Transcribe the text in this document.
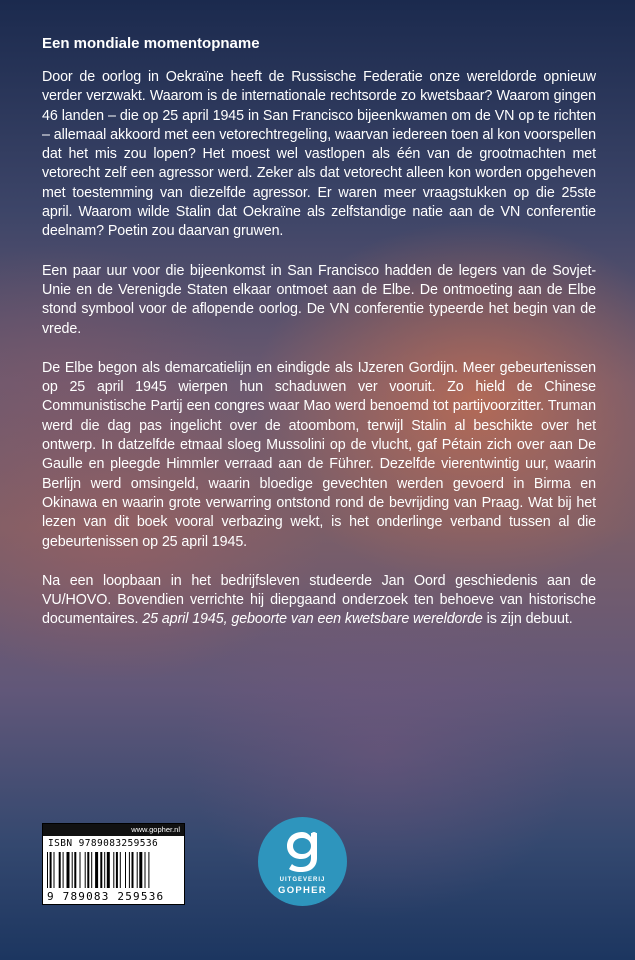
Een mondiale momentopname

Door de oorlog in Oekraïne heeft de Russische Federatie onze wereldorde opnieuw verder verzwakt. Waarom is de internationale rechtsorde zo kwetsbaar? Waarom gingen 46 landen – die op 25 april 1945 in San Francisco bijeenkwamen om de VN op te richten – allemaal akkoord met een vetorechtregeling, waarvan iedereen toen al kon voorspellen dat het mis zou lopen? Het moest wel vastlopen als één van de grootmachten met vetorecht zelf een agressor werd. Zeker als dat vetorecht alleen kon worden opgeheven met toestemming van diezelfde agressor. Er waren meer vraagstukken op die 25ste april. Waarom wilde Stalin dat Oekraïne als zelfstandige natie aan de VN conferentie deelnam? Poetin zou daarvan gruwen.

Een paar uur voor die bijeenkomst in San Francisco hadden de legers van de Sovjet-Unie en de Verenigde Staten elkaar ontmoet aan de Elbe. De ontmoeting aan de Elbe stond symbool voor de aflopende oorlog. De VN conferentie typeerde het begin van de vrede.

De Elbe begon als demarcatielijn en eindigde als IJzeren Gordijn. Meer gebeurtenissen op 25 april 1945 wierpen hun schaduwen ver vooruit. Zo hield de Chinese Communistische Partij een congres waar Mao werd benoemd tot partijvoorzitter. Truman werd die dag pas ingelicht over de atoombom, terwijl Stalin al beschikte over het ontwerp. In datzelfde etmaal sloeg Mussolini op de vlucht, gaf Pétain zich over aan De Gaulle en pleegde Himmler verraad aan de Führer. Dezelfde vierentwintig uur, waarin Berlijn werd omsingeld, waarin bloedige gevechten werden gevoerd in Birma en Okinawa en waarin grote verwarring ontstond rond de bevrijding van Praag. Wat bij het lezen van dit boek vooral verbazing wekt, is het onderlinge verband tussen al die gebeurtenissen op 25 april 1945.

Na een loopbaan in het bedrijfsleven studeerde Jan Oord geschiedenis aan de VU/HOVO. Bovendien verrichte hij diepgaand onderzoek ten behoeve van historische documentaires. 25 april 1945, geboorte van een kwetsbare wereldorde is zijn debuut.

www.gopher.nl
ISBN 9789083259536
9 789083 259536
UITGEVERIJ
GOPHER
